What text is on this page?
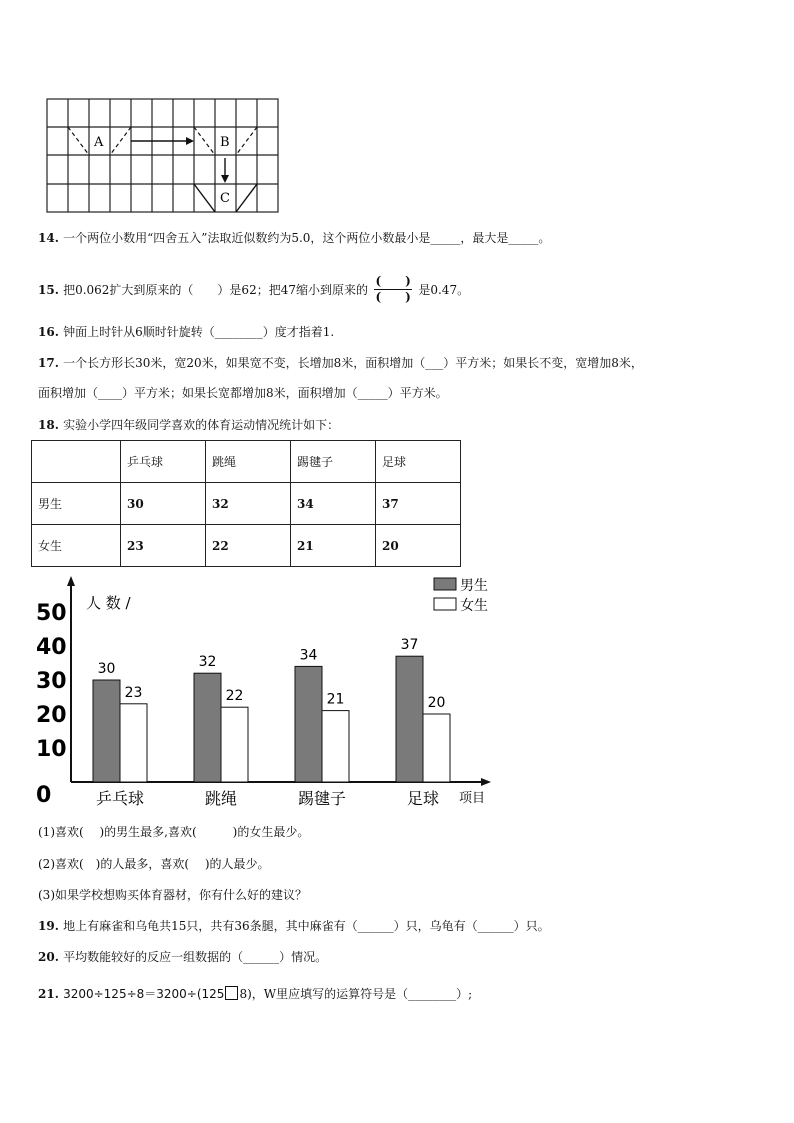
A	B
C
14. 一个两位小数用“四舍五入”法取近似数约为5.0，这个两位小数最小是_____，最大是_____。
15. 把0.062扩大到原来的（　　）是62；把47缩小到原来的 $\frac{( )}{( )}$ 是0.47。
16. 钟面上时针从6顺时针旋转（________）度才指着1.
17. 一个长方形长30米，宽20米，如果宽不变，长增加8米，面积增加（___）平方米；如果长不变，宽增加8米，
面积增加（____）平方米；如果长宽都增加8米，面积增加（_____）平方米。
18. 实验小学四年级同学喜欢的体育运动情况统计如下：
	乒乓球	跳绳	踢毽子	足球
男生	30	32	34	37
女生	23	22	21	20
0
10
20
30
40
50 人 数 /
30
23
乒乓球
32
22
跳绳
34
21
踢毽子
37
20
足球 项目
男生
女生
(1)喜欢(　 )的男生最多,喜欢(　　　)的女生最少。
(2)喜欢(　)的人最多，喜欢(　 )的人最少。
(3)如果学校想购买体育器材，你有什么好的建议？
19. 地上有麻雀和乌龟共15只，共有36条腿，其中麻雀有（______）只，乌龟有（______）只。
20. 平均数能较好的反应一组数据的（______）情况。
21. 3200÷125÷8＝3200÷(125 8)，W里应填写的运算符号是（________）;
